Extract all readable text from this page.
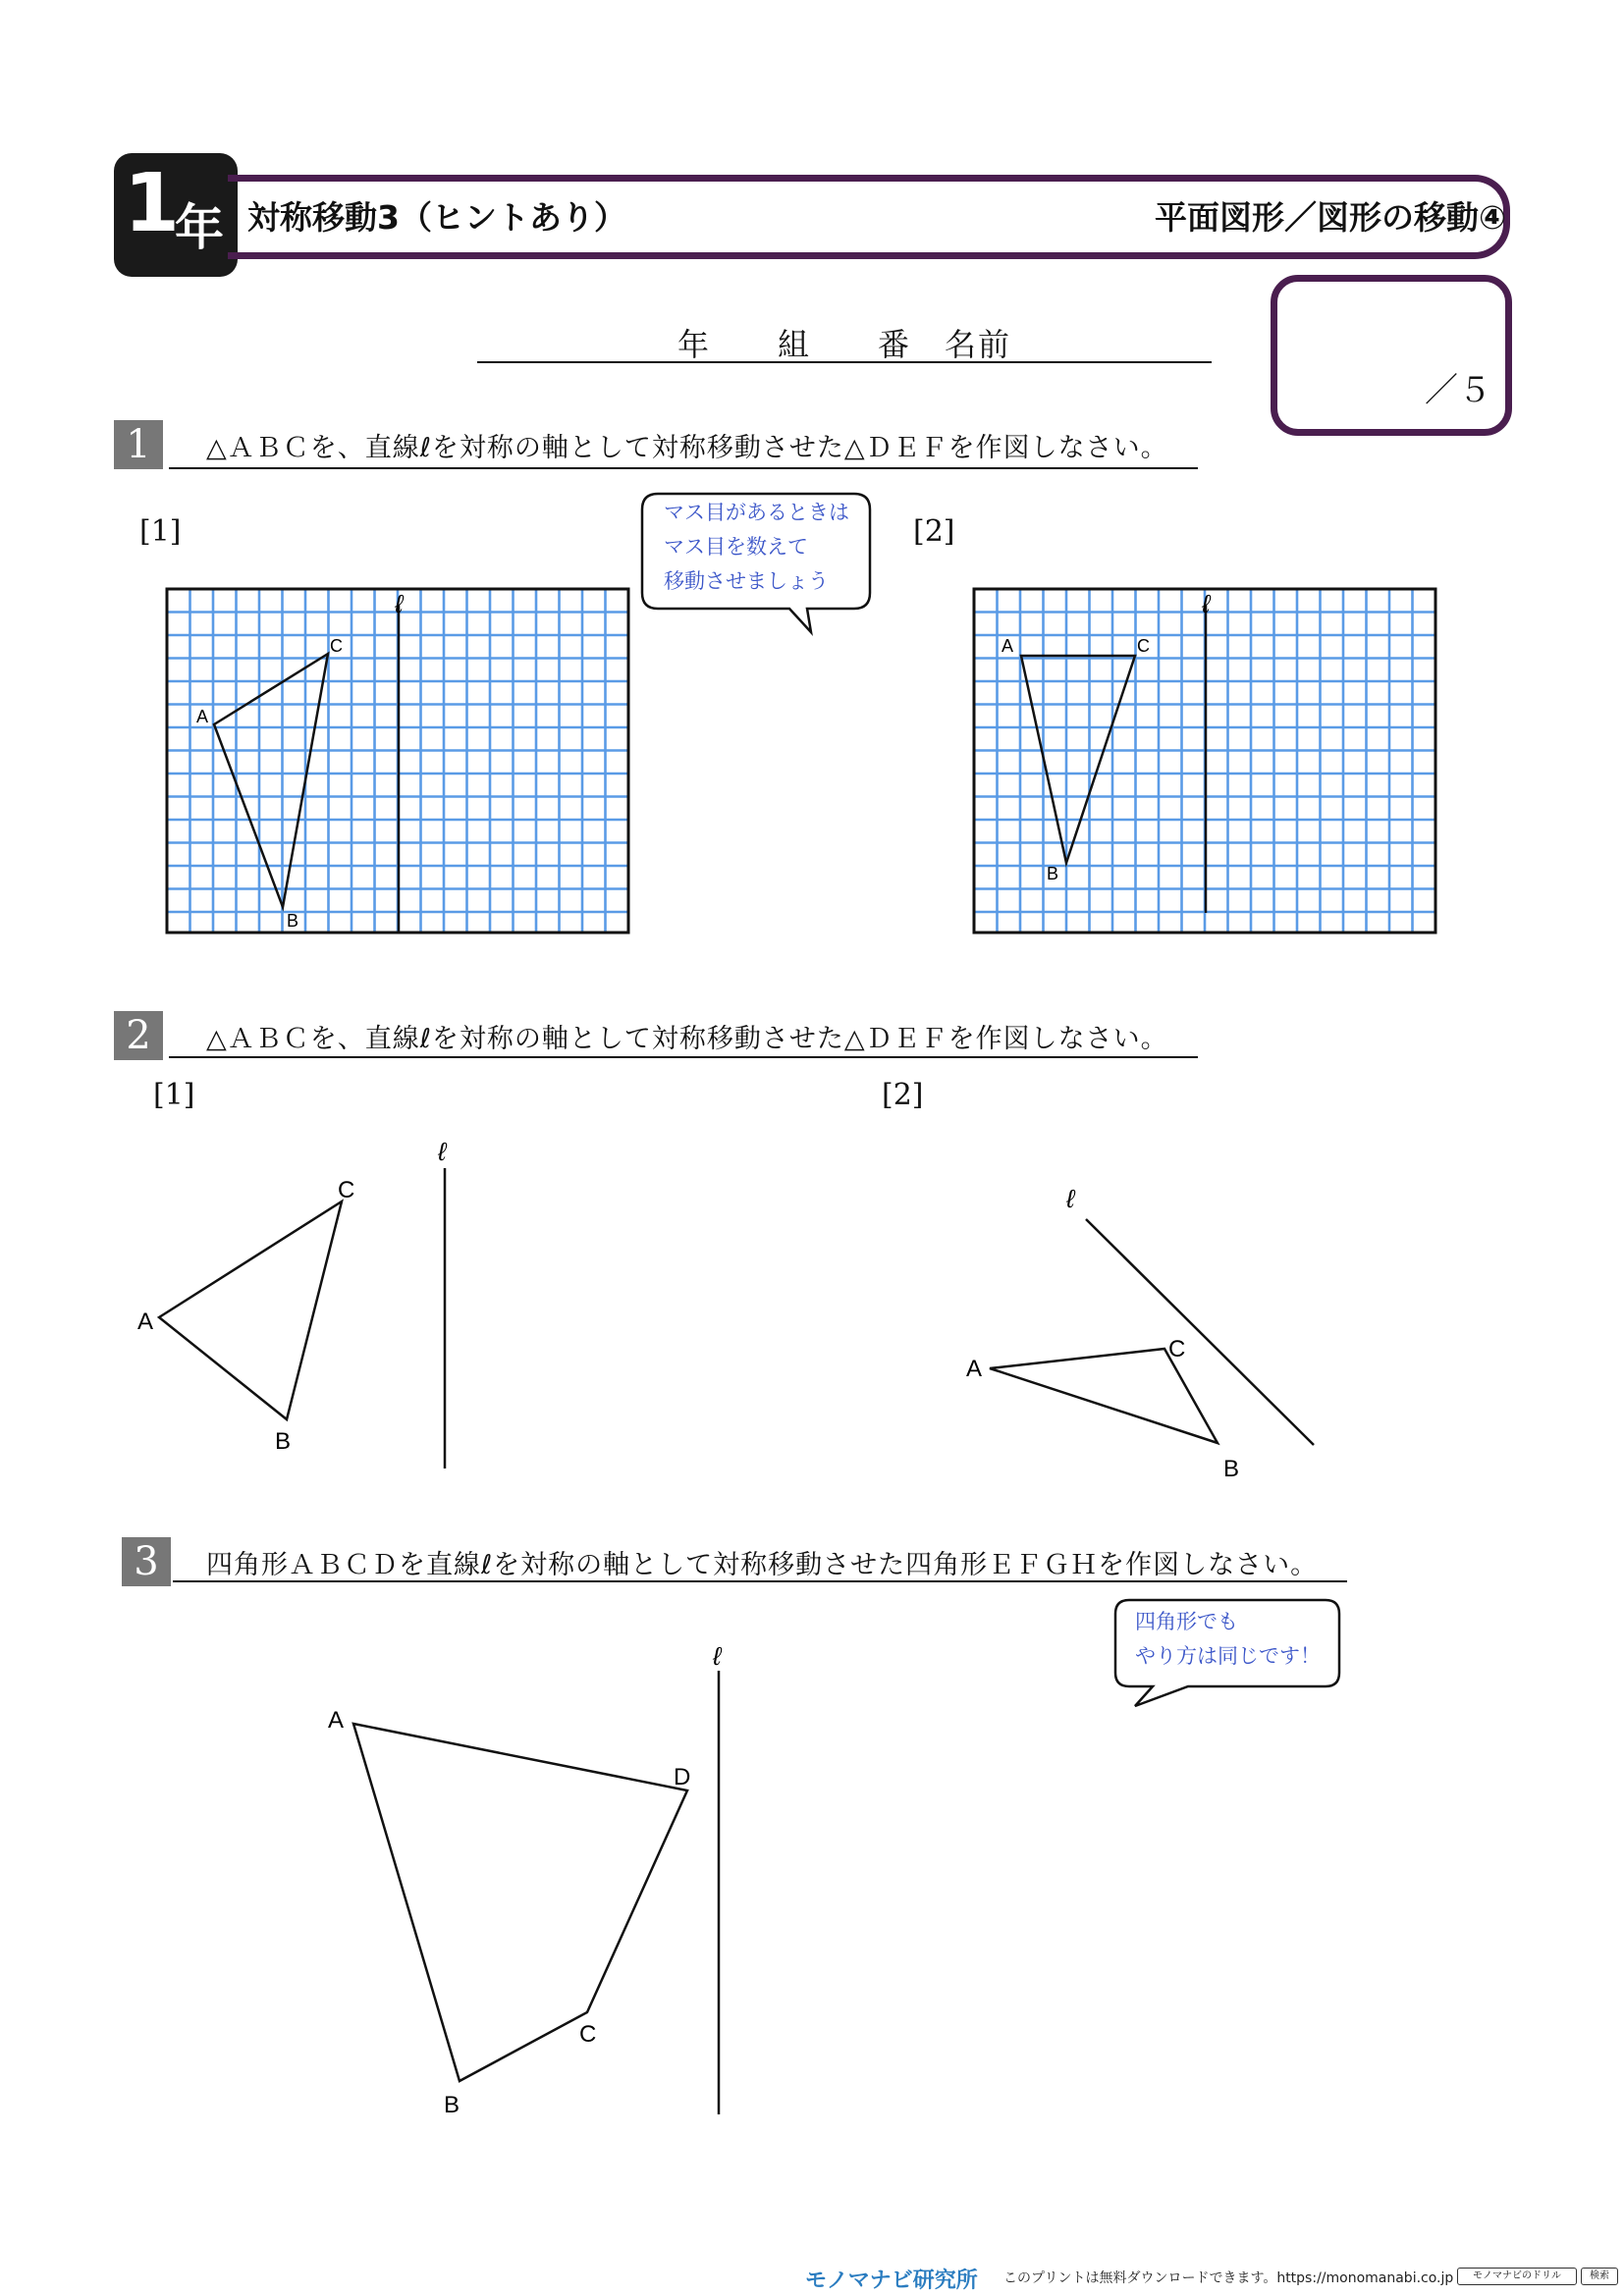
1
年 対称移動3（ヒントあり）	平面図形／図形の移動④
／５
年　　組　　番　名前
1	△ＡＢＣを、直線ℓを対称の軸として対称移動させた△ＤＥＦを作図しなさい。
[1]	[2]
マス目があるときは
マス目を数えて
移動させましょう
ℓ
A
C
B
ℓ
A	C
B
2	△ＡＢＣを、直線ℓを対称の軸として対称移動させた△ＤＥＦを作図しなさい。
[1]	[2]
ℓ
A
C
B
ℓ
A
C
B
3	四角形ＡＢＣＤを直線ℓを対称の軸として対称移動させた四角形ＥＦＧＨを作図しなさい。
四角形でも
やり方は同じです！
ℓ
A
D
C
B
モノマナビ研究所 このプリントは無料ダウンロードできます。https://monomanabi.co.jp	モノマナビのドリル	検索
